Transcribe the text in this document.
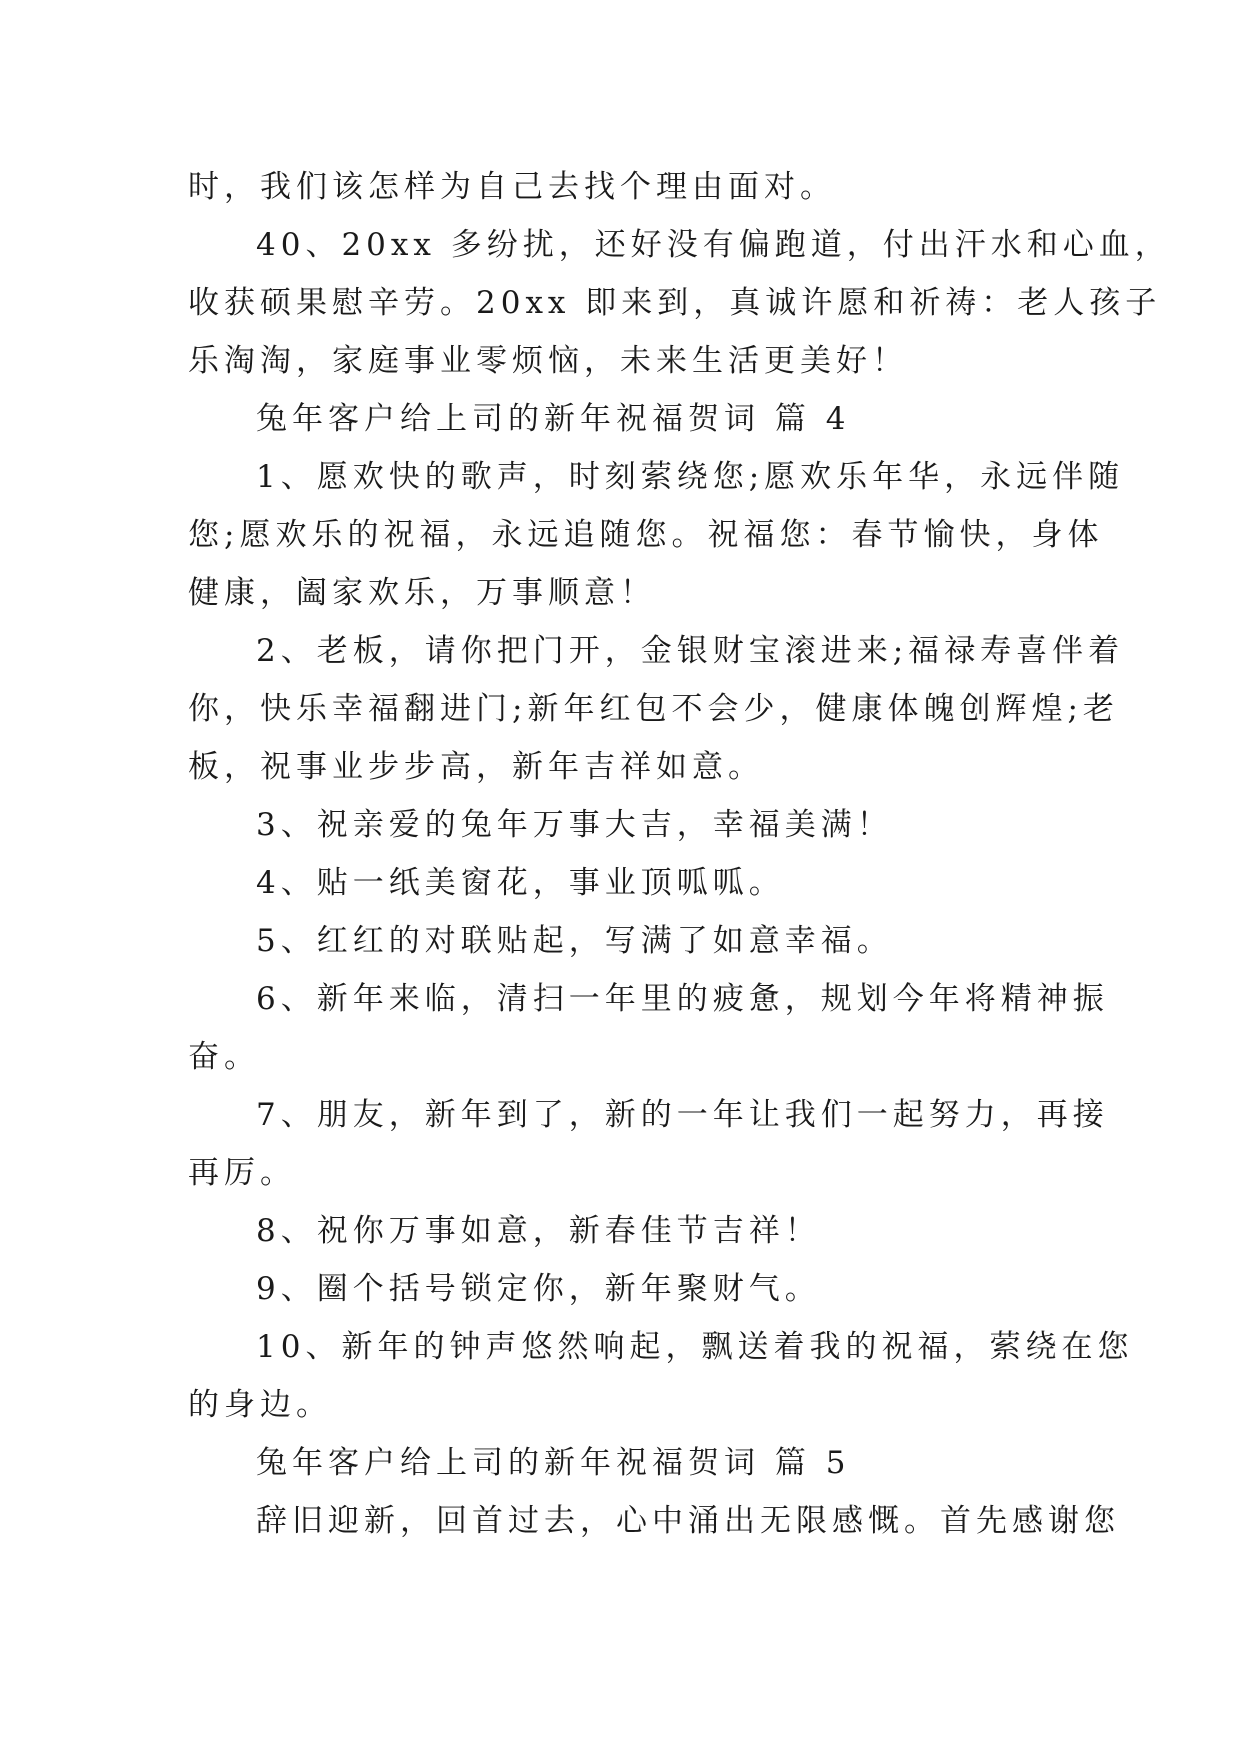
时，我们该怎样为自己去找个理由面对。
40、20xx 多纷扰，还好没有偏跑道，付出汗水和心血，
收获硕果慰辛劳。20xx 即来到，真诚许愿和祈祷：老人孩子
乐淘淘，家庭事业零烦恼，未来生活更美好！
兔年客户给上司的新年祝福贺词 篇 4
1、愿欢快的歌声，时刻萦绕您;愿欢乐年华，永远伴随
您;愿欢乐的祝福，永远追随您。祝福您：春节愉快，身体
健康，阖家欢乐，万事顺意！
2、老板，请你把门开，金银财宝滚进来;福禄寿喜伴着
你，快乐幸福翻进门;新年红包不会少，健康体魄创辉煌;老
板，祝事业步步高，新年吉祥如意。
3、祝亲爱的兔年万事大吉，幸福美满！
4、贴一纸美窗花，事业顶呱呱。
5、红红的对联贴起，写满了如意幸福。
6、新年来临，清扫一年里的疲惫，规划今年将精神振
奋。
7、朋友，新年到了，新的一年让我们一起努力，再接
再厉。
8、祝你万事如意，新春佳节吉祥！
9、圈个括号锁定你，新年聚财气。
10、新年的钟声悠然响起，飘送着我的祝福，萦绕在您
的身边。
兔年客户给上司的新年祝福贺词 篇 5
辞旧迎新，回首过去，心中涌出无限感慨。首先感谢您
